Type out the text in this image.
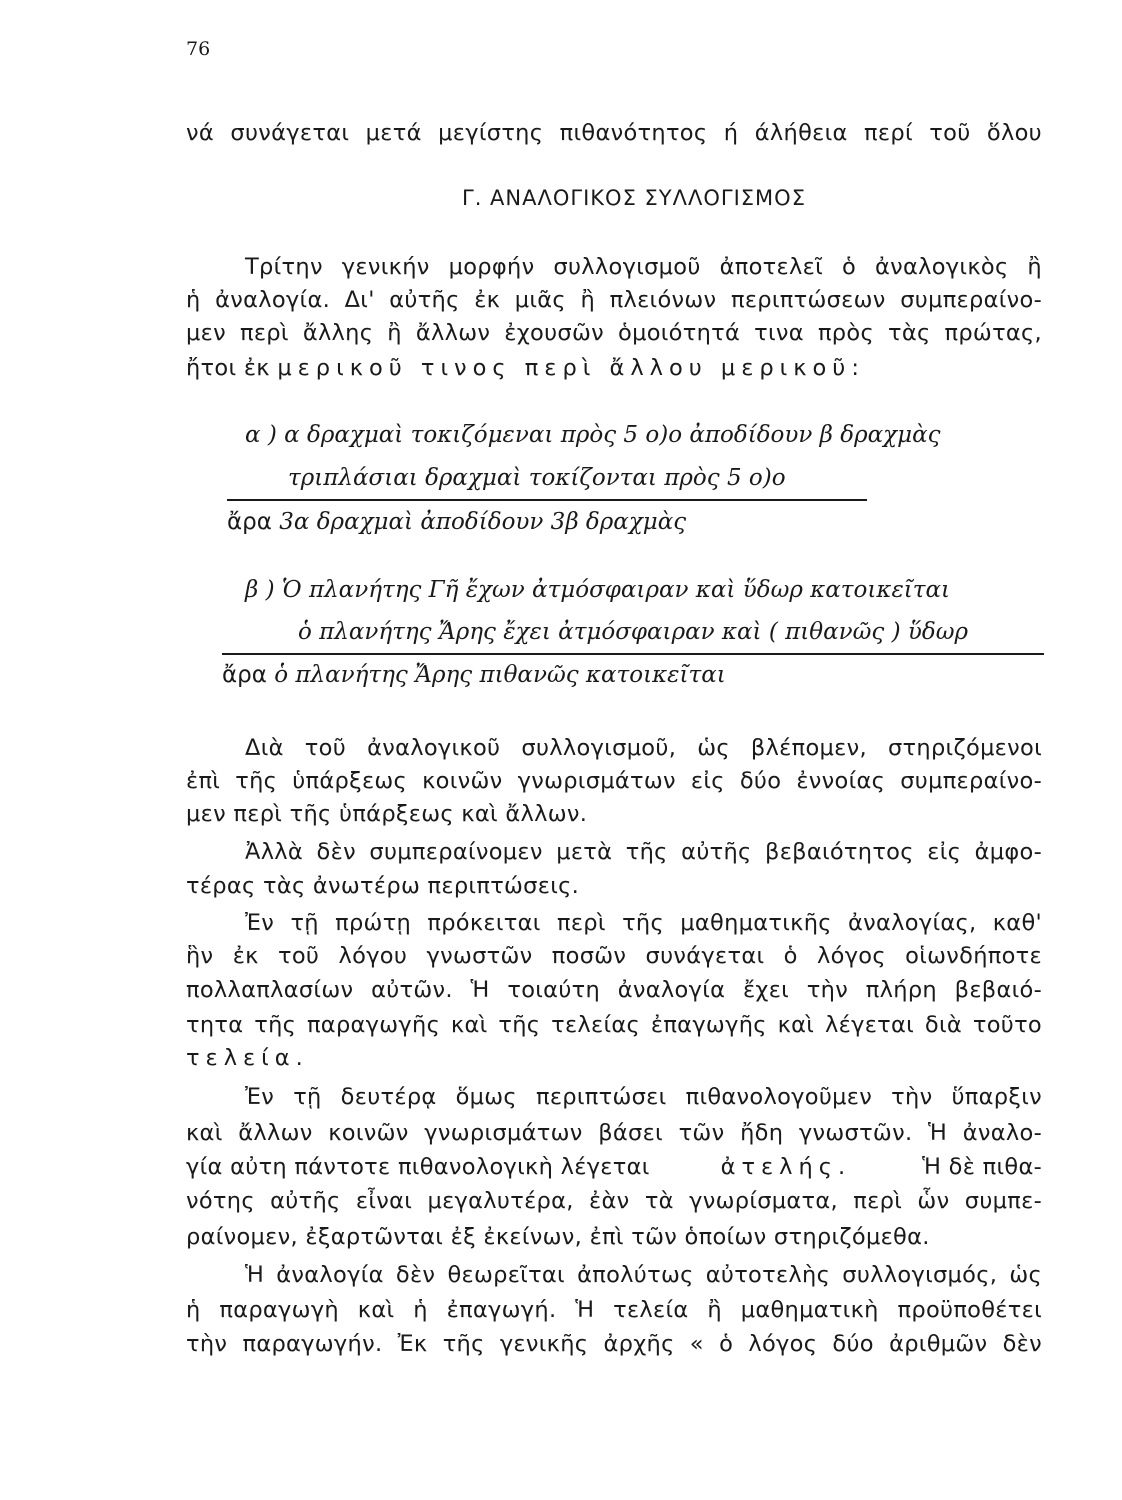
76
νά συνάγεται μετά μεγίστης πιθανότητος ή άλήθεια περί τοῦ ὅλου
Γ. ΑΝΑΛΟΓΙΚΟΣ ΣΥΛΛΟΓΙΣΜΟΣ
Τρίτην γενικήν μορφήν συλλογισμοῦ ἀποτελεῖ ὁ ἀναλογικὸς ἢ
ἡ ἀναλογία. Δι' αὐτῆς ἐκ μιᾶς ἢ πλειόνων περιπτώσεων συμπεραίνο-
μεν περὶ ἄλλης ἢ ἄλλων ἐχουσῶν ὁμοιότητά τινα πρὸς τὰς πρώτας,
ἤτοι ἐκ μερικοῦ τινος περὶ ἄλλου μερικοῦ:
α ) α δραχμαὶ τοκιζόμεναι πρὸς 5 ο)ο ἀποδίδουν β δραχμὰς
τριπλάσιαι δραχμαὶ τοκίζονται πρὸς 5 ο)ο
ἄρα 3α δραχμαὶ ἀποδίδουν 3β δραχμὰς
β ) Ὁ πλανήτης Γῆ ἔχων ἀτμόσφαιραν καὶ ὕδωρ κατοικεῖται
ὁ πλανήτης Ἄρης ἔχει ἀτμόσφαιραν καὶ ( πιθανῶς ) ὕδωρ
ἄρα ὁ πλανήτης Ἄρης πιθανῶς κατοικεῖται
Διὰ τοῦ ἀναλογικοῦ συλλογισμοῦ, ὡς βλέπομεν, στηριζόμενοι
ἐπὶ τῆς ὑπάρξεως κοινῶν γνωρισμάτων εἰς δύο ἐννοίας συμπεραίνο-
μεν περὶ τῆς ὑπάρξεως καὶ ἄλλων.
Ἀλλὰ δὲν συμπεραίνομεν μετὰ τῆς αὐτῆς βεβαιότητος εἰς ἀμφο-
τέρας τὰς ἀνωτέρω περιπτώσεις.
Ἐν τῇ πρώτῃ πρόκειται περὶ τῆς μαθηματικῆς ἀναλογίας, καθ'
ἣν ἐκ τοῦ λόγου γνωστῶν ποσῶν συνάγεται ὁ λόγος οἱωνδήποτε
πολλαπλασίων αὐτῶν. Ἡ τοιαύτη ἀναλογία ἔχει τὴν πλήρη βεβαιό-
τητα τῆς παραγωγῆς καὶ τῆς τελείας ἐπαγωγῆς καὶ λέγεται διὰ τοῦτο
τελεία.
Ἐν τῇ δευτέρᾳ ὅμως περιπτώσει πιθανολογοῦμεν τὴν ὕπαρξιν
καὶ ἄλλων κοινῶν γνωρισμάτων βάσει τῶν ἤδη γνωστῶν. Ἡ ἀναλο-
γία αὐτη πάντοτε πιθανολογικὴ λέγεται	ἀτελής.	Ἡ δὲ πιθα-
νότης αὐτῆς εἶναι μεγαλυτέρα, ἐὰν τὰ γνωρίσματα, περὶ ὧν συμπε-
ραίνομεν, ἐξαρτῶνται ἐξ ἐκείνων, ἐπὶ τῶν ὁποίων στηριζόμεθα.
Ἡ ἀναλογία δὲν θεωρεῖται ἀπολύτως αὐτοτελὴς συλλογισμός, ὡς
ἡ παραγωγὴ καὶ ἡ ἐπαγωγή. Ἡ τελεία ἢ μαθηματικὴ προϋποθέτει
τὴν παραγωγήν. Ἐκ τῆς γενικῆς ἀρχῆς « ὁ λόγος δύο ἀριθμῶν δὲν
